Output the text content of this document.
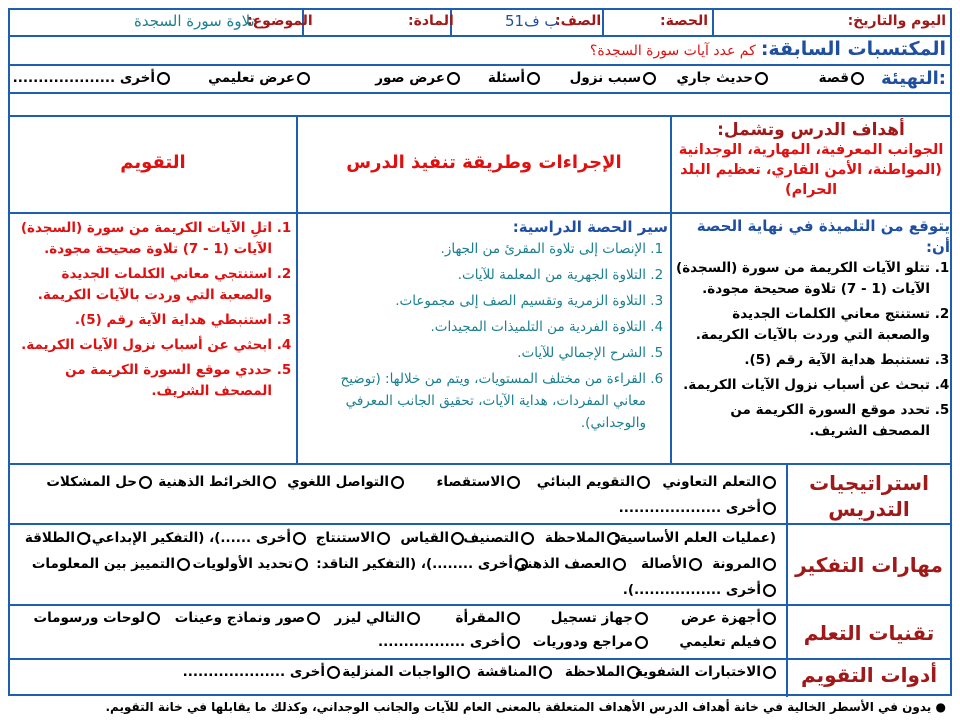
اليوم والتاريخ:
الحصة:
الصف:
5ب ف1
المادة:
الموضوع:
تلاوة سورة السجدة
المكتسبات السابقة: كم عدد آيات سورة السجدة؟
التهيئة:
قصة
حديث جاري
سبب نزول
أسئلة
عرض صور
عرض تعليمي
أخرى ....................
أهداف الدرس وتشمل:
الجوانب المعرفية، المهارية، الوجدانية (المواطنة، الأمن القاري، تعظيم البلد الحرام)
الإجراءات وطريقة تنفيذ الدرس
التقويم
يتوقع من التلميذة في نهاية الحصة أن:
1. تتلو الآيات الكريمة من سورة (السجدة) الآيات (1 - 7) تلاوة صحيحة مجودة.
2. تستنتج معاني الكلمات الجديدة والصعبة التي وردت بالآيات الكريمة.
3. تستنبط هداية الآية رقم (5).
4. تبحث عن أسباب نزول الآيات الكريمة.
5. تحدد موقع السورة الكريمة من المصحف الشريف.
سير الحصة الدراسية:
1. الإنصات إلى تلاوة المقرئ من الجهاز.
2. التلاوة الجهرية من المعلمة للآيات.
3. التلاوة الزمرية وتقسيم الصف إلى مجموعات.
4. التلاوة الفردية من التلميذات المجيدات.
5. الشرح الإجمالي للآيات.
6. القراءة من مختلف المستويات، ويتم من خلالها: (توضيح معاني المفردات، هداية الآيات، تحقيق الجانب المعرفي والوجداني).
1. اتلِ الآيات الكريمة من سورة (السجدة) الآيات (1 - 7) تلاوة صحيحة مجودة.
2. استنتجي معاني الكلمات الجديدة والصعبة التي وردت بالآيات الكريمة.
3. استنبطي هداية الآية رقم (5).
4. ابحثي عن أسباب نزول الآيات الكريمة.
5. حددي موقع السورة الكريمة من المصحف الشريف.
استراتيجيات التدريس
التعلم التعاوني
التقويم البنائي
الاستقصاء
التواصل اللغوي
الخرائط الذهنية
حل المشكلات
أخرى ....................
مهارات التفكير
(عمليات العلم الأساسية:
الملاحظة
التصنيف
القياس
الاستنتاج
أخرى ......)، (التفكير الإبداعي:
الطلاقة
المرونة
الأصالة
العصف الذهني
أخرى ........)، (التفكير الناقد:
تحديد الأولويات
التمييز بين المعلومات
أخرى .................).
تقنيات التعلم
أجهزة عرض
جهاز تسجيل
المقرأة
التالي ليزر
صور ونماذج وعينات
لوحات ورسومات
فيلم تعليمي
مراجع ودوريات
أخرى .................
أدوات التقويم
الاختبارات الشفوية
الملاحظة
المناقشة
الواجبات المنزلية
أخرى ....................
● يدون في الأسطر الخالية في خانة أهداف الدرس الأهداف المتعلقة بالمعنى العام للآيات والجانب الوجداني، وكذلك ما يقابلها في خانة التقويم.
